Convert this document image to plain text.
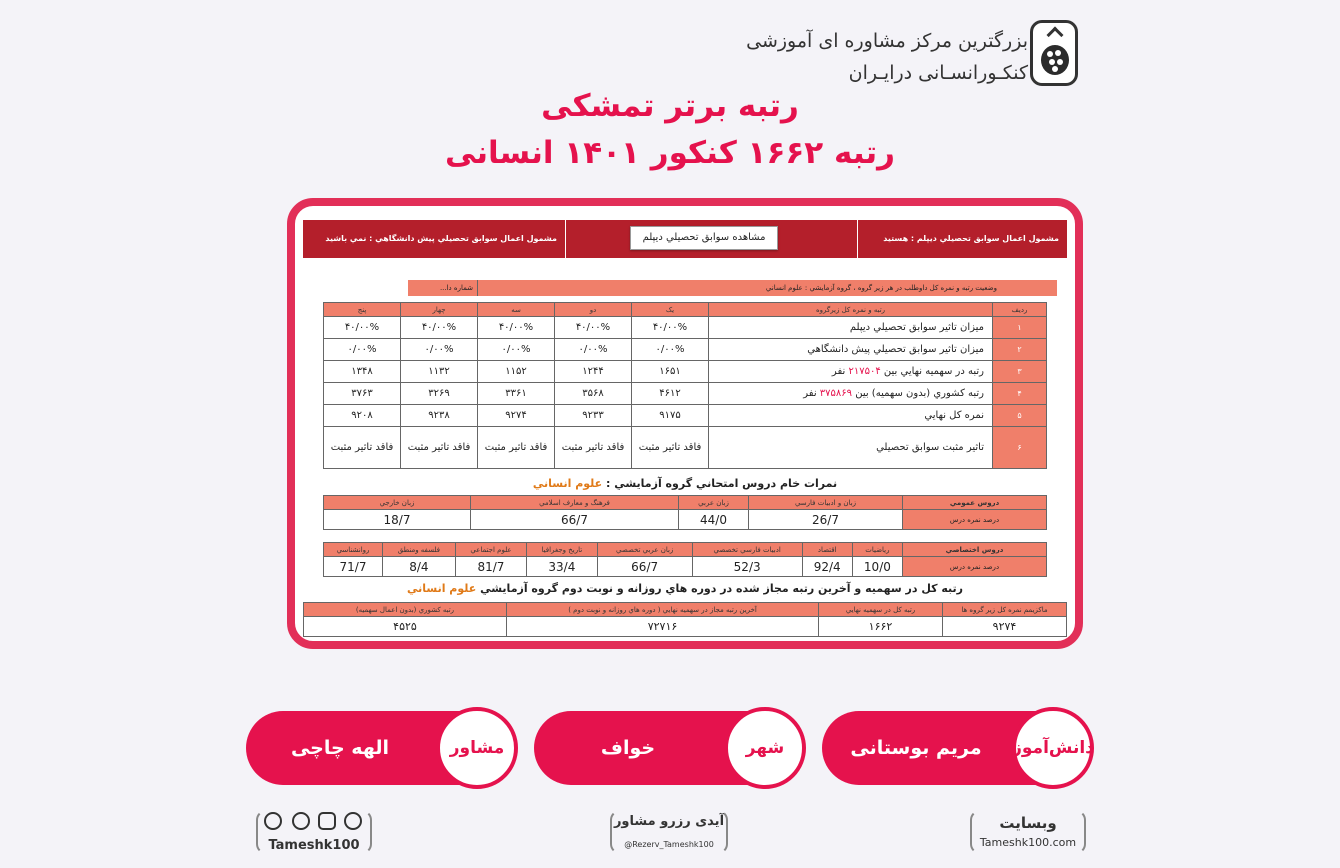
بزرگترین مرکز مشاوره ای آموزشی
کنکـورانسـانی درایـران
رتبه برتر تمشکی
رتبه ۱۶۶۲ کنکور ۱۴۰۱ انسانی
مشمول اعمال سوابق تحصیلي ديپلم : هستید
مشاهده سوابق تحصیلي ديپلم
مشمول اعمال سوابق تحصیلي پیش دانشگاهي : نمي باشيد
وضعیت رتبه و نمره کل داوطلب در هر زير گروه ، گروه آزمايشي : علوم انساني
شماره دا...
رديف	رتبه و نمره کل زيرگروه	يک	دو	سه	چهار	پنج
۱	ميزان تاثير سوابق تحصیلي ديپلم	۴۰/۰۰%	۴۰/۰۰%	۴۰/۰۰%	۴۰/۰۰%	۴۰/۰۰%
۲	ميزان تاثير سوابق تحصیلي پیش دانشگاهي	۰/۰۰%	۰/۰۰%	۰/۰۰%	۰/۰۰%	۰/۰۰%
۳	رتبه در سهمیه نهايي بين ۲۱۷۵۰۴ نفر	۱۶۵۱	۱۲۴۴	۱۱۵۲	۱۱۳۲	۱۳۴۸
۴	رتبه کشوري (بدون سهمیه) بين ۳۷۵۸۶۹ نفر	۴۶۱۲	۳۵۶۸	۳۳۶۱	۳۲۶۹	۳۷۶۳
۵	نمره کل نهايي	۹۱۷۵	۹۲۳۳	۹۲۷۴	۹۲۳۸	۹۲۰۸
۶	تاثير مثبت سوابق تحصیلي	فاقد تاثير مثبت	فاقد تاثير مثبت	فاقد تاثير مثبت	فاقد تاثير مثبت	فاقد تاثير مثبت
نمرات خام دروس امتحاني گروه آزمايشي : علوم انساني
دروس عمومي	زبان و ادبیات فارسي	زبان عربي	فرهنگ و معارف اسلامي	زبان خارجي
درصد نمره درس	26/7	44/0	66/7	18/7
دروس اختصاصي	رياضيات	اقتصاد	ادبیات فارسي تخصصي	زبان عربي تخصصي	تاريخ وجغرافيا	علوم اجتماعي	فلسفه ومنطق	روانشناسي
درصد نمره درس	10/0	92/4	52/3	66/7	33/4	81/7	8/4	71/7
رتبه کل در سهمیه و آخرين رتبه مجاز شده در دوره هاي روزانه و نوبت دوم گروه آزمايشي علوم انساني
ماکزيمم نمره کل زير گروه ها	رتبه کل در سهمیه نهايي	آخرين رتبه مجاز در سهمیه نهايي ( دوره هاي روزانه و نوبت دوم )	رتبه کشوري (بدون اعمال سهمیه)
۹۲۷۴	۱۶۶۲	۷۲۷۱۶	۴۵۲۵
دانش‌آموز
مریم بوستانی
شهر
خواف
مشاور
الهه چاچی
وبسایت
Tameshk100.com
آیدی رزرو مشاور
@Rezerv_Tameshk100
Tameshk100
